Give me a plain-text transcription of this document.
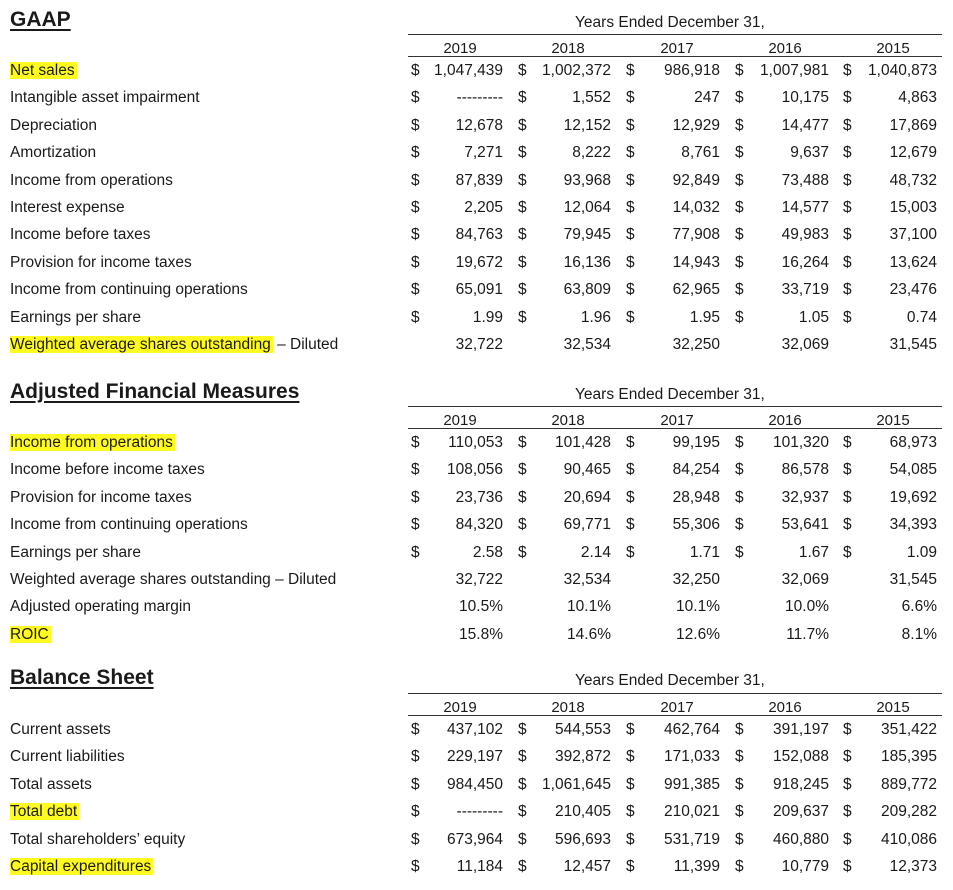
GAAP	Years Ended December 31,
2019	2018	2017	2016	2015
Net sales	$ 1,047,439 $ 1,002,372 $ 986,918 $ 1,007,981 $ 1,040,873
Intangible asset impairment	$ --------- $	1,552 $	247 $ 10,175 $	4,863
Depreciation	$ 12,678 $ 12,152 $ 12,929 $ 14,477 $ 17,869
Amortization	$	7,271 $	8,222 $	8,761 $	9,637 $ 12,679
Income from operations	$ 87,839 $ 93,968 $ 92,849 $ 73,488 $ 48,732
Interest expense	$	2,205 $ 12,064 $ 14,032 $ 14,577 $ 15,003
Income before taxes	$ 84,763 $ 79,945 $ 77,908 $ 49,983 $ 37,100
Provision for income taxes	$ 19,672 $ 16,136 $ 14,943 $ 16,264 $ 13,624
Income from continuing operations	$ 65,091 $ 63,809 $ 62,965 $ 33,719 $ 23,476
Earnings per share	$	1.99 $	1.96 $	1.95 $	1.05 $	0.74
Weighted average shares outstanding – Diluted	32,722	32,534	32,250	32,069	31,545
Adjusted Financial Measures	Years Ended December 31,
2019	2018	2017	2016	2015
Income from operations	$ 110,053 $ 101,428 $ 99,195 $ 101,320 $ 68,973
Income before income taxes	$ 108,056 $ 90,465 $ 84,254 $ 86,578 $ 54,085
Provision for income taxes	$ 23,736 $ 20,694 $ 28,948 $ 32,937 $ 19,692
Income from continuing operations	$ 84,320 $ 69,771 $ 55,306 $ 53,641 $ 34,393
Earnings per share	$	2.58 $	2.14 $	1.71 $	1.67 $	1.09
Weighted average shares outstanding – Diluted	32,722	32,534	32,250	32,069	31,545
Adjusted operating margin	10.5%	10.1%	10.1%	10.0%	6.6%
ROIC	15.8%	14.6%	12.6%	11.7%	8.1%
Balance Sheet	Years Ended December 31,
2019	2018	2017	2016	2015
Current assets	$ 437,102 $ 544,553 $ 462,764 $ 391,197 $ 351,422
Current liabilities	$ 229,197 $ 392,872 $ 171,033 $ 152,088 $ 185,395
Total assets	$ 984,450 $ 1,061,645 $ 991,385 $ 918,245 $ 889,772
Total debt	$ --------- $ 210,405 $ 210,021 $ 209,637 $ 209,282
Total shareholders’ equity	$ 673,964 $ 596,693 $ 531,719 $ 460,880 $ 410,086
Capital expenditures	$ 11,184 $ 12,457 $	11,399 $ 10,779 $ 12,373
